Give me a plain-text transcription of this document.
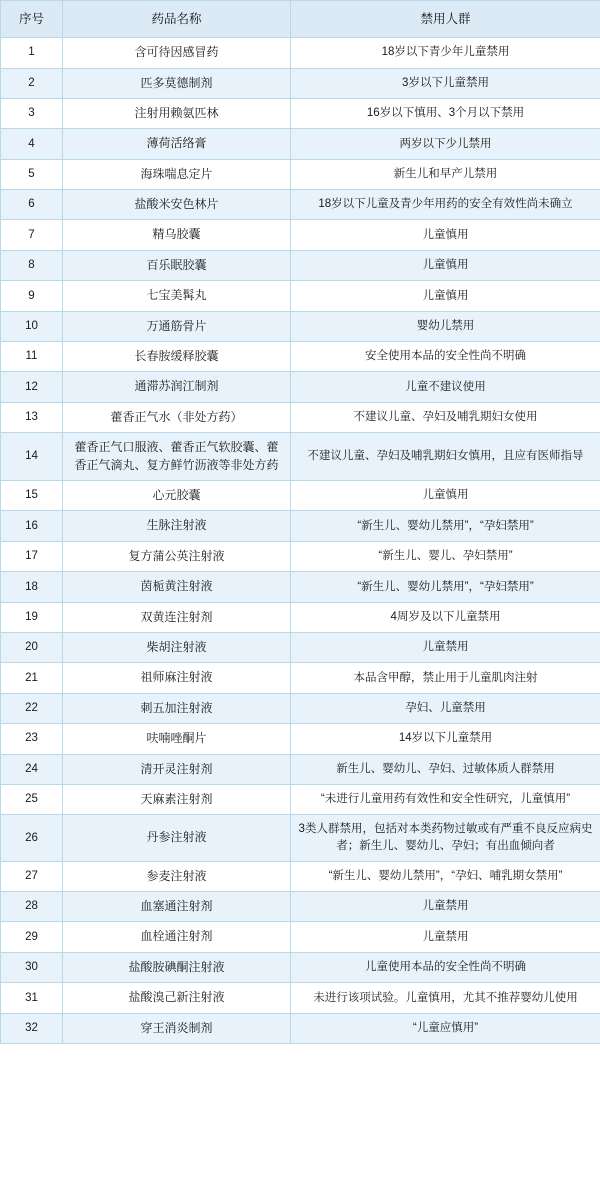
序号	药品名称	禁用人群
1	含可待因感冒药	18岁以下青少年儿童禁用
2	匹多莫德制剂	3岁以下儿童禁用
3	注射用赖氨匹林	16岁以下慎用、3个月以下禁用
4	薄荷活络膏	两岁以下少儿禁用
5	海珠喘息定片	新生儿和早产儿禁用
6	盐酸米安色林片	18岁以下儿童及青少年用药的安全有效性尚未确立
7	精乌胶囊	儿童慎用
8	百乐眠胶囊	儿童慎用
9	七宝美髯丸	儿童慎用
10	万通筋骨片	婴幼儿禁用
11	长春胺缓释胶囊	安全使用本品的安全性尚不明确
12	通滞苏润江制剂	儿童不建议使用
13	藿香正气水（非处方药）	不建议儿童、孕妇及哺乳期妇女使用
14	藿香正气口服液、藿香正气软胶囊、藿香正气滴丸、复方鲜竹沥液等非处方药	不建议儿童、孕妇及哺乳期妇女慎用，且应有医师指导
15	心元胶囊	儿童慎用
16	生脉注射液	“新生儿、婴幼儿禁用”，“孕妇禁用”
17	复方蒲公英注射液	“新生儿、婴儿、孕妇禁用”
18	茵栀黄注射液	“新生儿、婴幼儿禁用”，“孕妇禁用”
19	双黄连注射剂	4周岁及以下儿童禁用
20	柴胡注射液	儿童禁用
21	祖师麻注射液	本品含甲醇，禁止用于儿童肌肉注射
22	刺五加注射液	孕妇、儿童禁用
23	呋喃唑酮片	14岁以下儿童禁用
24	清开灵注射剂	新生儿、婴幼儿、孕妇、过敏体质人群禁用
25	天麻素注射剂	“未进行儿童用药有效性和安全性研究，儿童慎用”
26	丹参注射液	3类人群禁用，包括对本类药物过敏或有严重不良反应病史者；新生儿、婴幼儿、孕妇；有出血倾向者
27	参麦注射液	“新生儿、婴幼儿禁用”，“孕妇、哺乳期女禁用”
28	血塞通注射剂	儿童禁用
29	血栓通注射剂	儿童禁用
30	盐酸胺碘酮注射液	儿童使用本品的安全性尚不明确
31	盐酸溴己新注射液	未进行该项试验。儿童慎用，尤其不推荐婴幼儿使用
32	穿王消炎制剂	“儿童应慎用”
